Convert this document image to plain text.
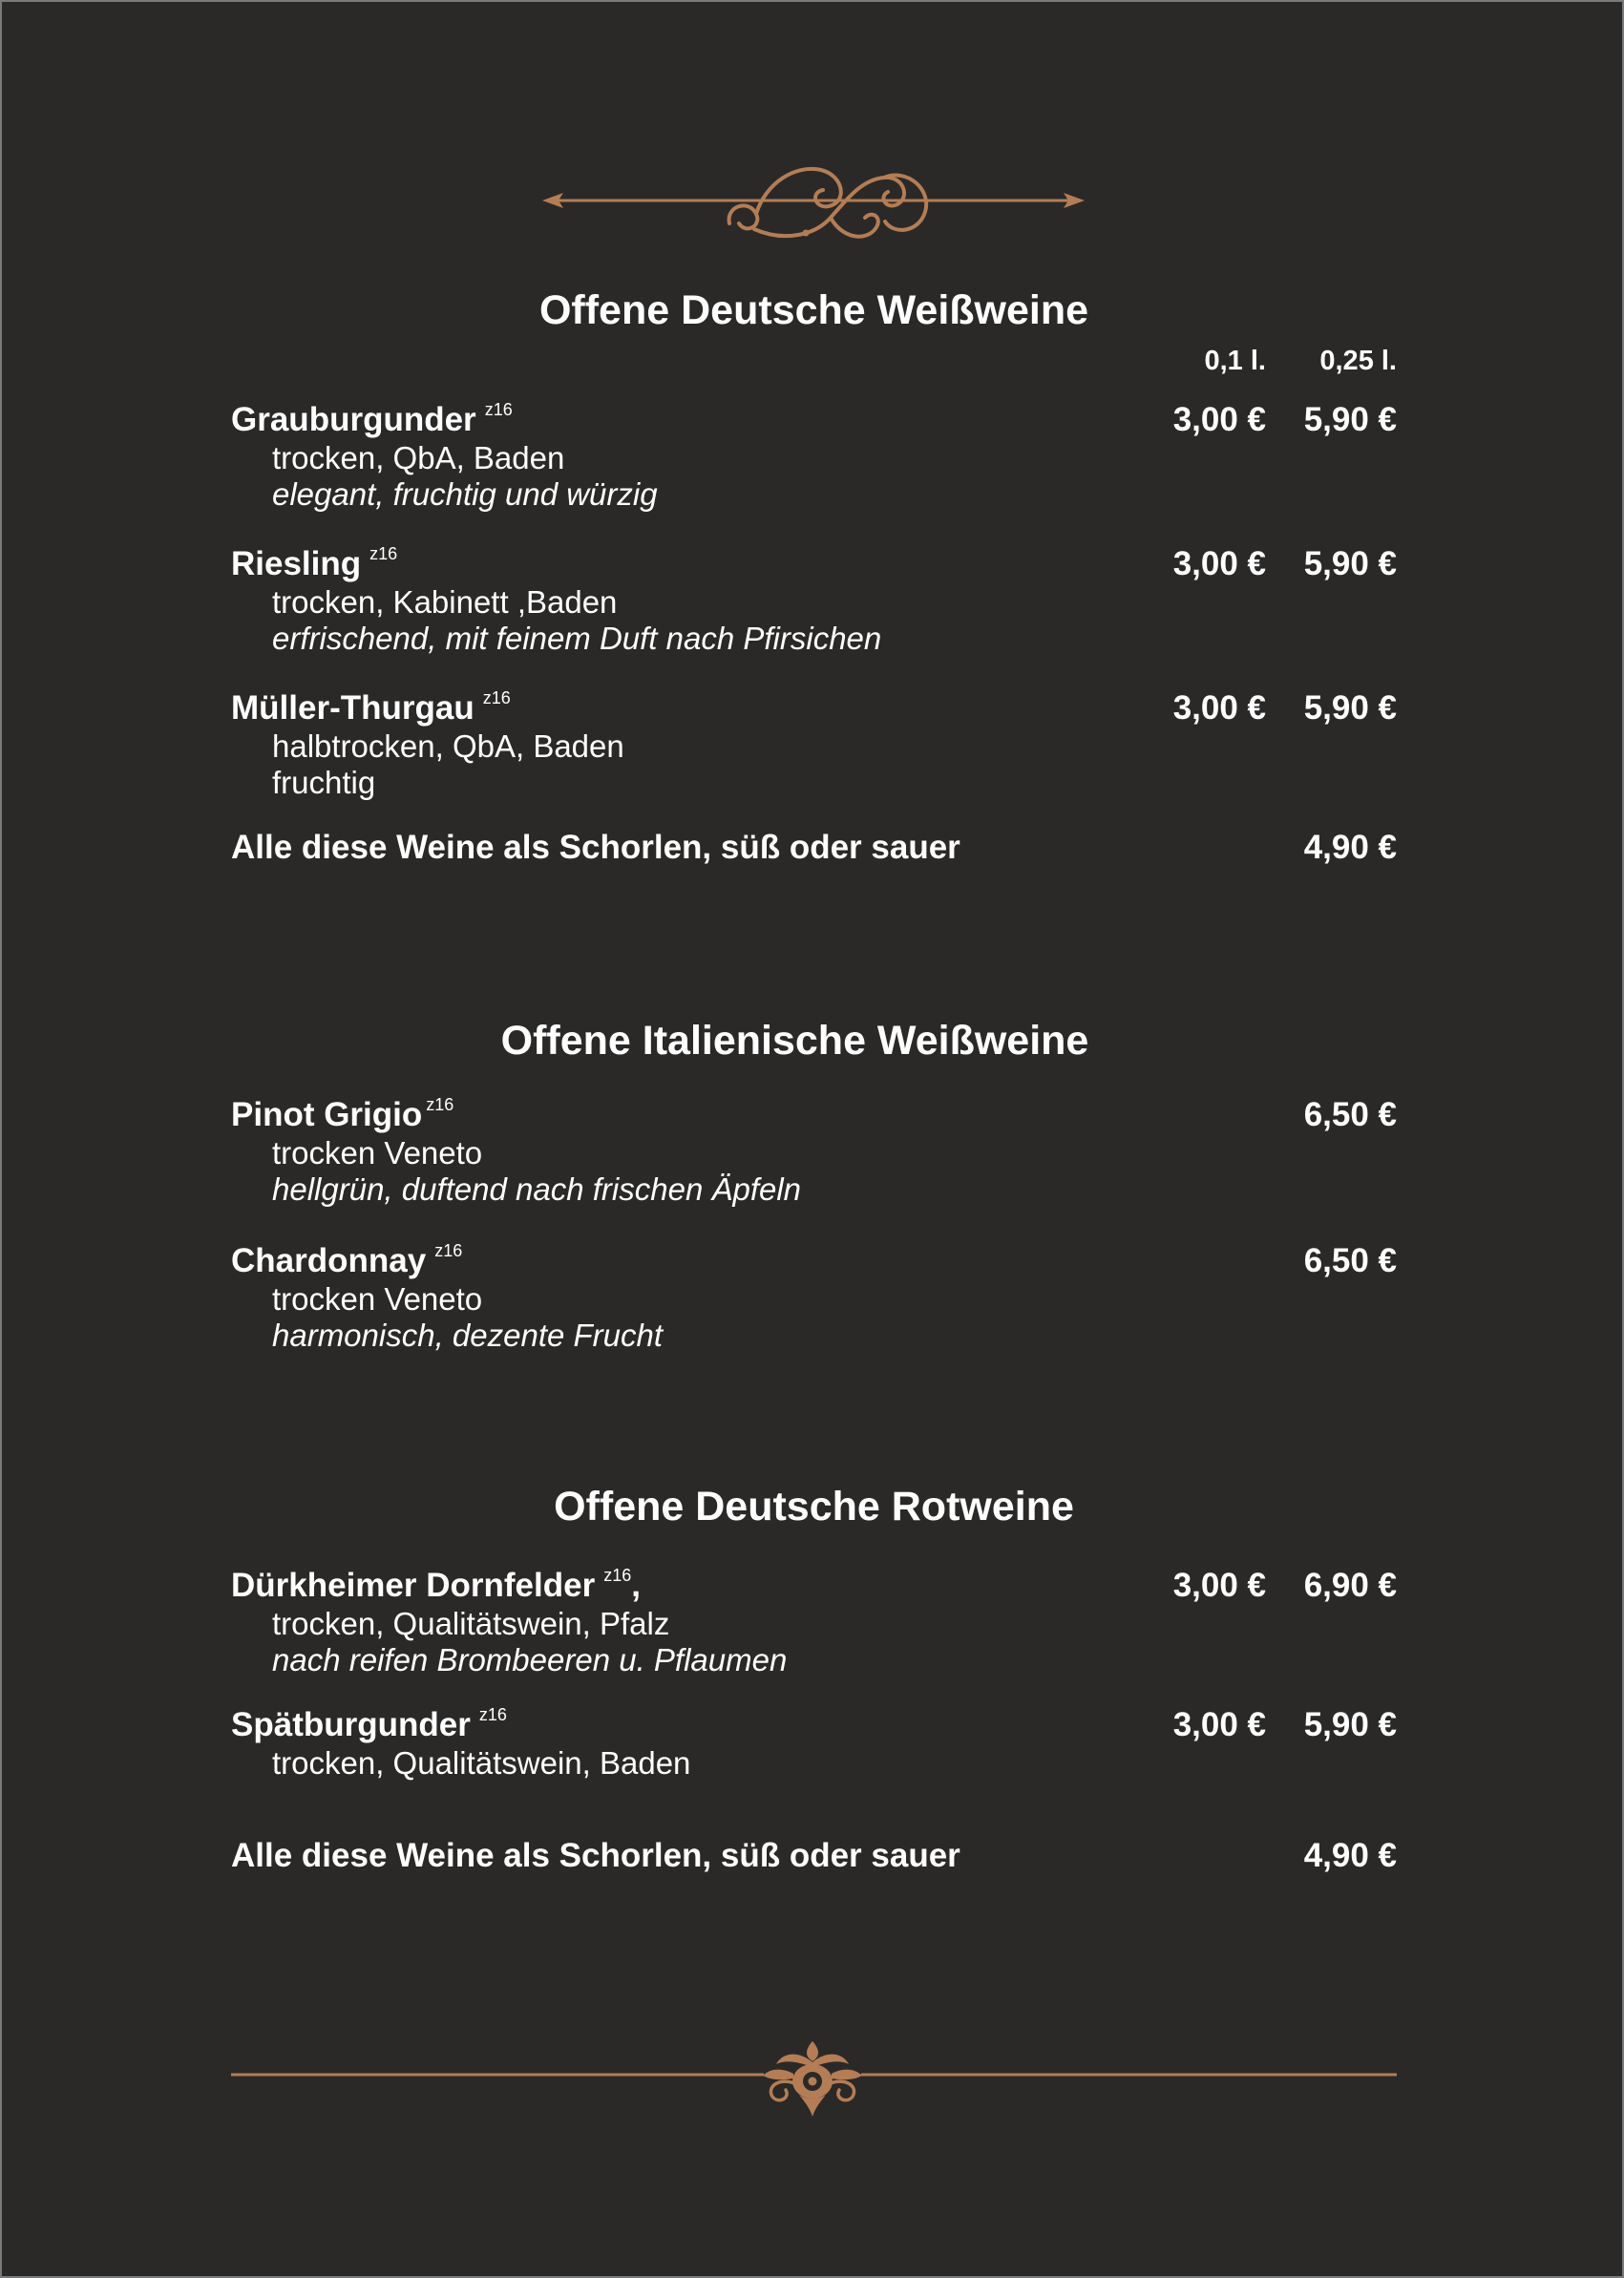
Offene Deutsche Weißweine
0,1 l. 0,25 l.
Grauburgunder $^{z16}$
trocken, QbA, Baden
elegant, fruchtig und würzig
3,00 € 5,90 €
Riesling $^{z16}$
trocken, Kabinett ,Baden
erfrischend, mit feinem Duft nach Pfirsichen
3,00 € 5,90 €
Müller-Thurgau $^{z16}$
halbtrocken, QbA, Baden
fruchtig
3,00 € 5,90 €
Alle diese Weine als Schorlen, süß oder sauer	4,90 €
Offene Italienische Weißweine
Pinot Grigio $^{z16}$
trocken Veneto
hellgrün, duftend nach frischen Äpfeln
6,50 €
Chardonnay $^{z16}$
trocken Veneto
harmonisch, dezente Frucht
6,50 €
Offene Deutsche Rotweine
Dürkheimer Dornfelder $^{z16}$,
trocken, Qualitätswein, Pfalz
nach reifen Brombeeren u. Pflaumen
3,00 € 6,90 €
Spätburgunder $^{z16}$
trocken, Qualitätswein, Baden
3,00 € 5,90 €
Alle diese Weine als Schorlen, süß oder sauer	4,90 €
